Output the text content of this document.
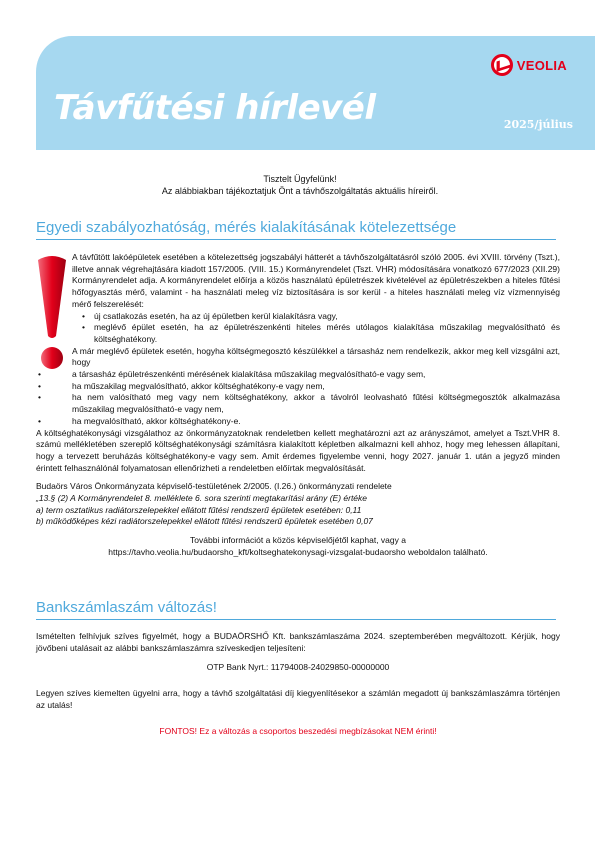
VEOLIA
Távfűtési hírlevél	2025/július
Tisztelt Ügyfelünk!
Az alábbiakban tájékoztatjuk Önt a távhőszolgáltatás aktuális híreiről.
Egyedi szabályozhatóság, mérés kialakításának kötelezettsége

A távfűtött lakóépületek esetében a kötelezettség jogszabályi hátterét a távhőszolgáltatásról szóló 2005. évi XVIII. törvény (Tszt.), illetve annak végrehajtására kiadott 157/2005. (VIII. 15.) Kormányrendelet (Tszt. VHR) módosítására vonatkozó 677/2023 (XII.29) Kormányrendelet adja. A kormányrendelet előírja a közös használatú épületrészek kivételével az épületrészekben a hiteles fűtési hőfogyasztás mérő, valamint - ha használati meleg víz biztosítására is sor kerül - a hiteles használati meleg víz vízmennyiség mérő felszerelését:

• új csatlakozás esetén, ha az új épületben kerül kialakításra vagy,
• meglévő épület esetén, ha az épületrészenkénti hiteles mérés utólagos kialakítása műszakilag megvalósítható és költséghatékony.

A már meglévő épületek esetén, hogyha költségmegosztó készülékkel a társasház nem rendelkezik, akkor meg kell vizsgálni azt, hogy

• a társasház épületrészenkénti mérésének kialakítása műszakilag megvalósítható-e vagy sem,
• ha műszakilag megvalósítható, akkor költséghatékony-e vagy nem,
• ha nem valósítható meg vagy nem költséghatékony, akkor a távolról leolvasható fűtési költségmegosztók alkalmazása műszakilag megvalósítható-e vagy nem,
• ha megvalósítható, akkor költséghatékony-e.

A költséghatékonysági vizsgálathoz az önkormányzatoknak rendeletben kellett meghatározni azt az arányszámot, amelyet a Tszt.VHR 8. számú mellékletében szereplő költséghatékonysági számításra kialakított képletben alkalmazni kell ahhoz, hogy meg lehessen állapítani, hogy a tervezett beruházás költséghatékony-e vagy sem. Amit érdemes figyelembe venni, hogy 2027. január 1. után a jegyző minden érintett felhasználónál folyamatosan ellenőrizheti a rendeletben előírtak megvalósítását.

Budaörs Város Önkormányzata képviselő-testületének 2/2005. (I.26.) önkormányzati rendelete

„13.§ (2) A Kormányrendelet 8. melléklete 6. sora szerinti megtakarítási arány (E) értéke

a) term osztatikus radiátorszelepekkel ellátott fűtési rendszerű épületek esetében: 0,11

b) működőképes kézi radiátorszelepekkel ellátott fűtési rendszerű épületek esetében 0,07

További információt a közös képviselőjétől kaphat, vagy a

https://tavho.veolia.hu/budaorsho_kft/koltseghatekonysagi-vizsgalat-budaorsho weboldalon található.

Bankszámlaszám változás!

Ismételten felhívjuk szíves figyelmét, hogy a BUDAÖRSHŐ Kft. bankszámlaszáma 2024. szeptemberében megváltozott. Kérjük, hogy jövőbeni utalásait az alábbi bankszámlaszámra szíveskedjen teljesíteni:

OTP Bank Nyrt.: 11794008-24029850-00000000

Legyen szíves kiemelten ügyelni arra, hogy a távhő szolgáltatási díj kiegyenlítésekor a számlán megadott új bankszámlaszámra történjen az utalás!

FONTOS! Ez a változás a csoportos beszedési megbízásokat NEM érinti!
